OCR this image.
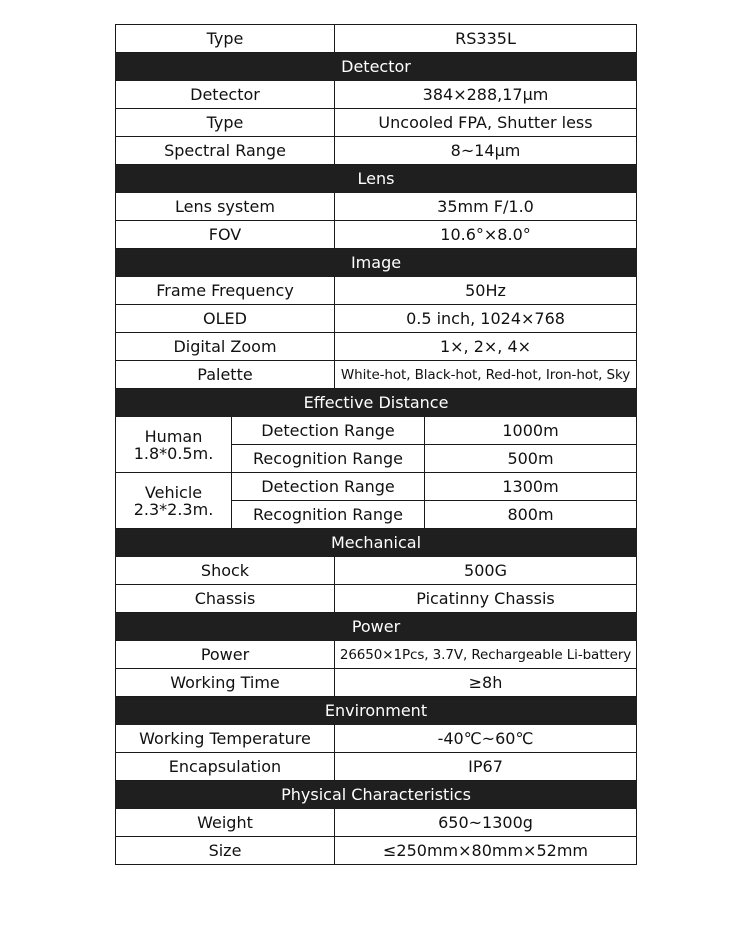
Type		RS335L	
Detector			
Detector		384×288,17μm	
Type		Uncooled FPA, Shutter less	
Spectral Range		8~14μm	
Lens			
Lens system		35mm F/1.0	
FOV		10.6°×8.0°	
Image			
Frame Frequency		50Hz	
OLED		0.5 inch, 1024×768	
Digital Zoom		1×, 2×, 4×	
Palette		White-hot, Black-hot, Red-hot, Iron-hot, Sky	
Effective Distance			

Human
1.8*0.5m.	Detection Range		1000m
	Recognition Range		500m

Vehicle
2.3*2.3m.	Detection Range		1300m
	Recognition Range		800m
Mechanical			
Shock		500G	
Chassis		Picatinny Chassis	
Power			
Power		26650×1Pcs, 3.7V, Rechargeable Li-battery	
Working Time		≥8h	
Environment			
Working Temperature		-40℃~60℃	
Encapsulation		IP67	
Physical Characteristics			
Weight		650~1300g	
Size		≤250mm×80mm×52mm	
